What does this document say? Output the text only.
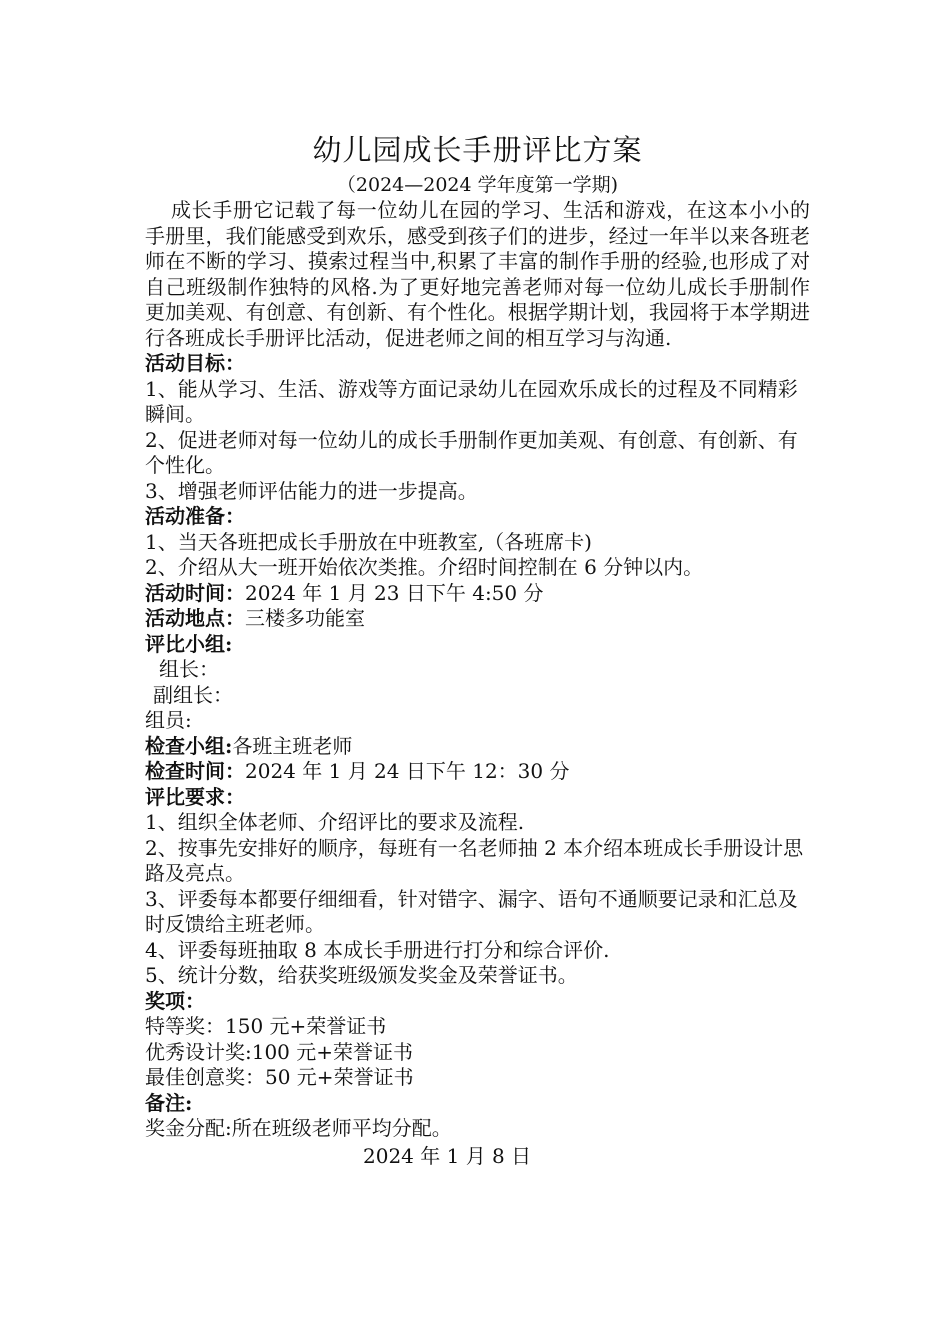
幼儿园成长手册评比方案

（2024—2024 学年度第一学期)

成长手册它记载了每一位幼儿在园的学习、生活和游戏，在这本小小的手册里，我们能感受到欢乐，感受到孩子们的进步，经过一年半以来各班老师在不断的学习、摸索过程当中,积累了丰富的制作手册的经验,也形成了对自己班级制作独特的风格.为了更好地完善老师对每一位幼儿成长手册制作更加美观、有创意、有创新、有个性化。根据学期计划，我园将于本学期进行各班成长手册评比活动，促进老师之间的相互学习与沟通.

活动目标：

1、能从学习、生活、游戏等方面记录幼儿在园欢乐成长的过程及不同精彩瞬间。

2、促进老师对每一位幼儿的成长手册制作更加美观、有创意、有创新、有个性化。

3、增强老师评估能力的进一步提高。

活动准备：

1、当天各班把成长手册放在中班教室,（各班席卡)

2、介绍从大一班开始依次类推。介绍时间控制在 6 分钟以内。

活动时间：2024 年 1 月 23 日下午 4:50 分

活动地点：三楼多功能室

评比小组:

组长：

副组长：

组员:

检查小组:各班主班老师

检查时间：2024 年 1 月 24 日下午 12：30 分

评比要求：

1、组织全体老师、介绍评比的要求及流程.

2、按事先安排好的顺序，每班有一名老师抽 2 本介绍本班成长手册设计思路及亮点。

3、评委每本都要仔细细看，针对错字、漏字、语句不通顺要记录和汇总及时反馈给主班老师。

4、评委每班抽取 8 本成长手册进行打分和综合评价.

5、统计分数，给获奖班级颁发奖金及荣誉证书。

奖项：

特等奖：150 元+荣誉证书

优秀设计奖:100 元+荣誉证书

最佳创意奖：50 元+荣誉证书

备注:

奖金分配:所在班级老师平均分配。

2024 年 1 月 8 日
